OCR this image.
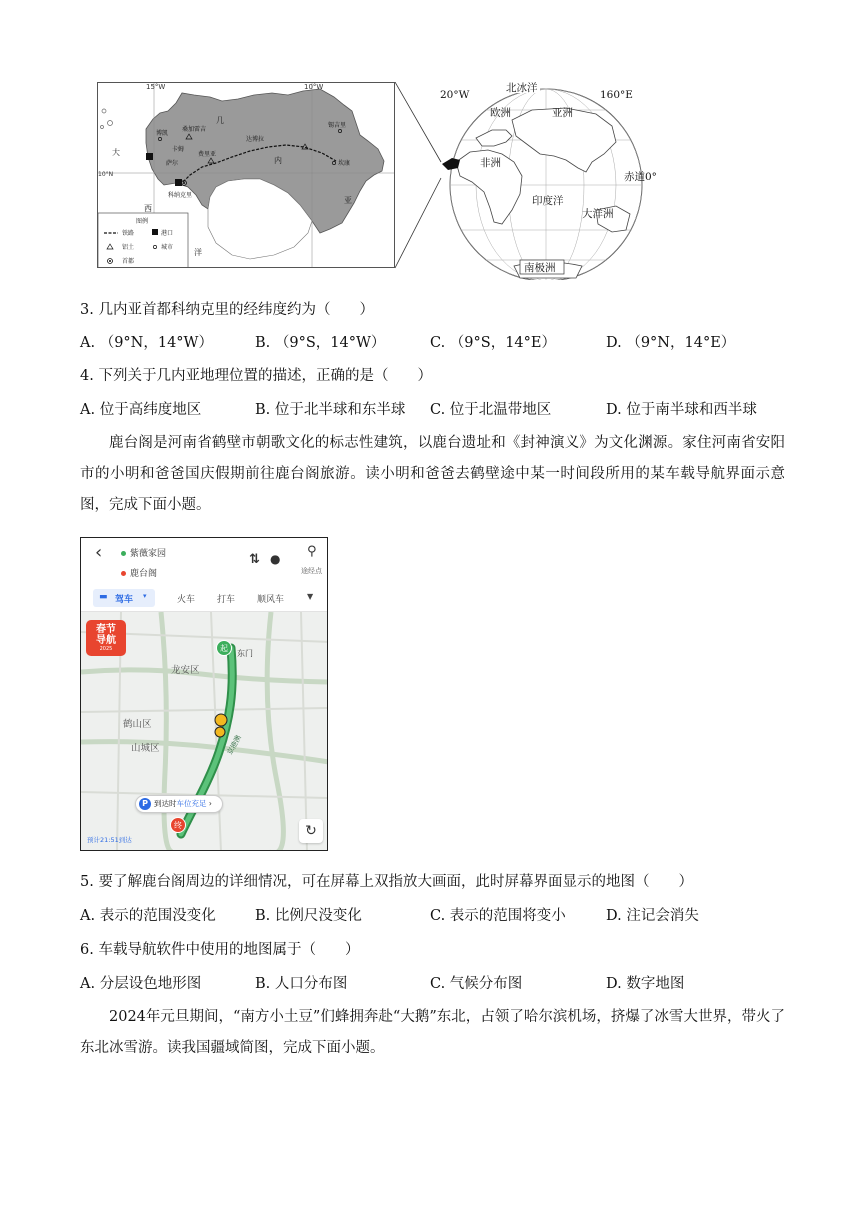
15°W	10°W
几
内
亚
大
西
洋
博凯
桑加雷吉
达博拉
锡吉里
费里亚
萨尔
卡姆
坎康
科纳克里
10°N
图例
铁路	港口
铝土	城市
首都
20°W	160°E
赤道0°
北冰洋
欧洲	亚洲
非洲
印度洋
大洋洲
南极洲
3. 几内亚首都科纳克里的经纬度约为（　　）
A. （9°N，14°W）	B. （9°S，14°W）	C. （9°S，14°E）	D. （9°N，14°E）
4. 下列关于几内亚地理位置的描述，正确的是（　　）
A. 位于高纬度地区	B. 位于北半球和东半球 C. 位于北温带地区	D. 位于南半球和西半球
鹿台阁是河南省鹤壁市朝歌文化的标志性建筑，以鹿台遗址和《封神演义》为文化渊源。家住河南省安阳市的小明和爸爸国庆假期前往鹿台阁旅游。读小明和爸爸去鹤壁途中某一时间段所用的某车载导航界面示意图，完成下面小题。
‹	紫薇家园
鹿台阁
⇅ ● ⚲
途经点
▬ 驾车 ▾	火车 打车 顺风车	▼
春节
导航
2025
龙安区
鹤山区
山城区
东门
起
京港澳
P 到达时车位充足 ›
终
预计21:51到达
↻
5. 要了解鹿台阁周边的详细情况，可在屏幕上双指放大画面，此时屏幕界面显示的地图（　　）
A. 表示的范围没变化	B. 比例尺没变化	C. 表示的范围将变小	D. 注记会消失
6. 车载导航软件中使用的地图属于（　　）
A. 分层设色地形图	B. 人口分布图	C. 气候分布图	D. 数字地图
2024年元旦期间，“南方小土豆”们蜂拥奔赴“大鹅”东北，占领了哈尔滨机场，挤爆了冰雪大世界，带火了东北冰雪游。读我国疆域简图，完成下面小题。
